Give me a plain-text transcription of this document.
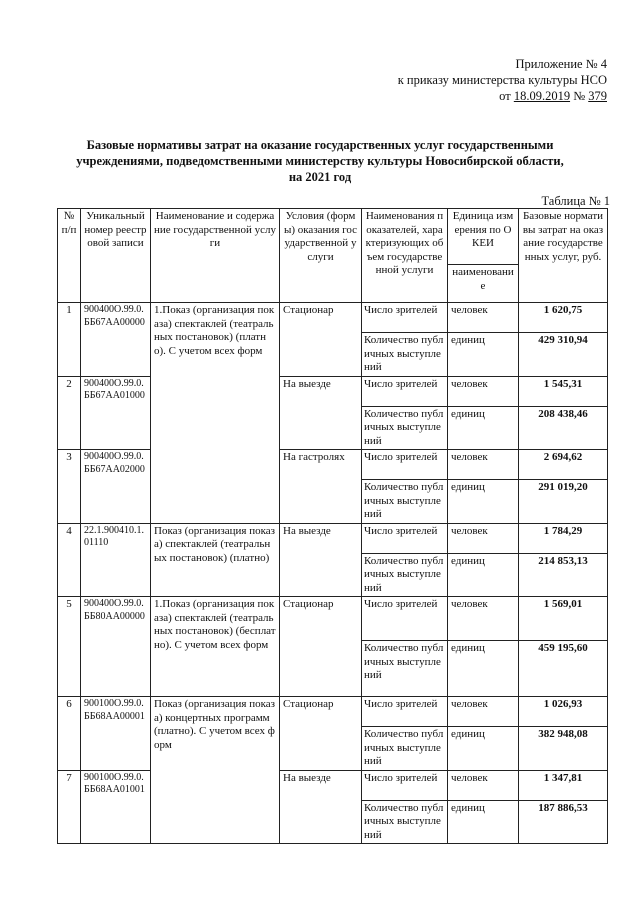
Приложение № 4
к приказу министерства культуры НСО
от 18.09.2019 № 379
Базовые нормативы затрат на оказание государственных услуг государственными
учреждениями, подведомственными министерству культуры Новосибирской области,
на 2021 год
Таблица № 1
№ п/п	Уникальный номер реестровой записи	Наименование и содержание государственной услуги	Условия (формы) оказания государственной услуги	Наименования показателей, характеризующих объем государственной услуги	Единица измерения по ОКЕИ	Базовые нормативы затрат на оказание государственных услуг, руб.
					наименование	
1	900400О.99.0.ББ67АА00000	1.Показ (организация показа) спектаклей (театральных постановок) (платно). С учетом всех форм	Стационар	Число зрителей	человек	1 620,75
				Количество публичных выступлений	единиц	429 310,94
2	900400О.99.0.ББ67АА01000		На выезде	Число зрителей	человек	1 545,31
				Количество публичных выступлений	единиц	208 438,46
3	900400О.99.0.ББ67АА02000		На гастролях	Число зрителей	человек	2 694,62
				Количество публичных выступлений	единиц	291 019,20
4	22.1.900410.1.01110	Показ (организация показа) спектаклей (театральных постановок) (платно)	На выезде	Число зрителей	человек	1 784,29
				Количество публичных выступлений	единиц	214 853,13
5	900400О.99.0.ББ80АА00000	1.Показ (организация показа) спектаклей (театральных постановок) (бесплатно). С учетом всех форм	Стационар	Число зрителей	человек	1 569,01
				Количество публичных выступлений	единиц	459 195,60
6	900100О.99.0.ББ68АА00001	Показ (организация показа) концертных программ (платно). С учетом всех форм	Стационар	Число зрителей	человек	1 026,93
				Количество публичных выступлений	единиц	382 948,08
7	900100О.99.0.ББ68АА01001		На выезде	Число зрителей	человек	1 347,81
				Количество публичных выступлений	единиц	187 886,53
